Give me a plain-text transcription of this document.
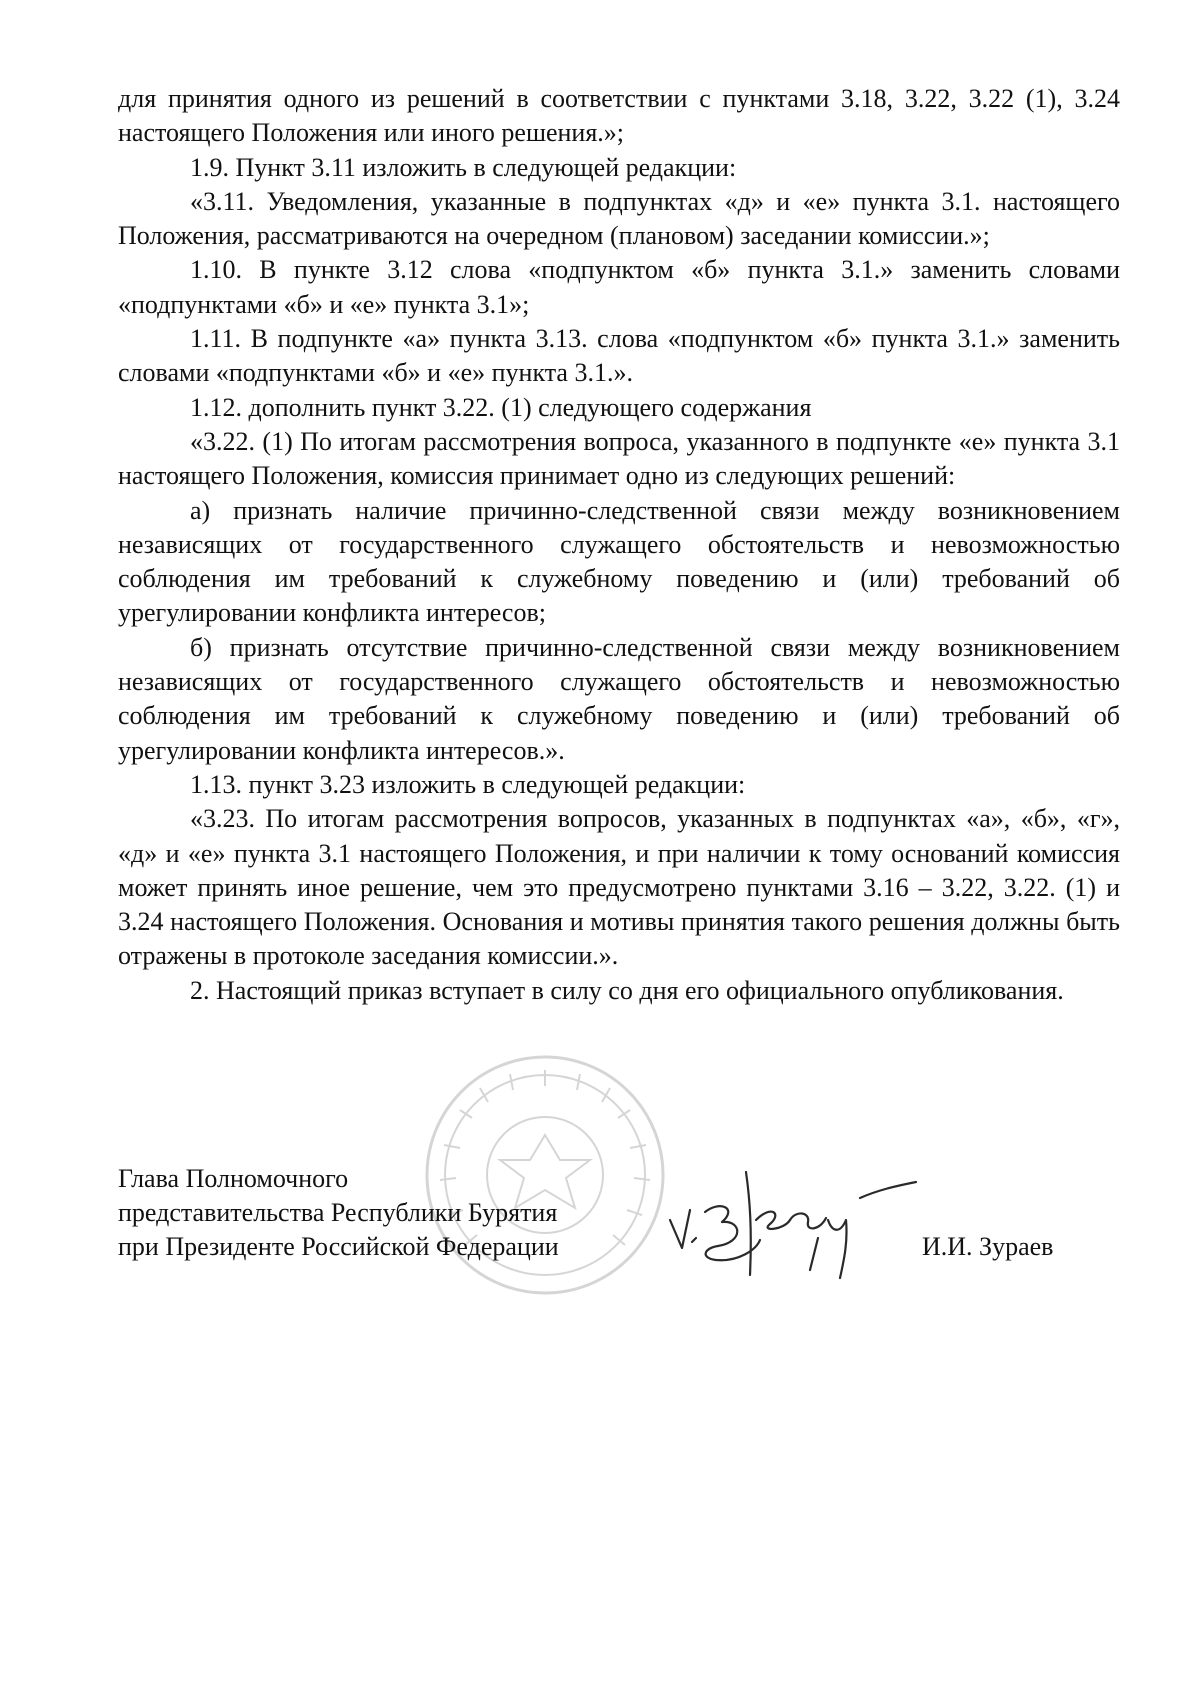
для принятия одного из решений в соответствии с пунктами 3.18, 3.22, 3.22 (1), 3.24 настоящего Положения или иного решения.»;

1.9. Пункт 3.11 изложить в следующей редакции:

«3.11. Уведомления, указанные в подпунктах «д» и «е» пункта 3.1. настоящего Положения, рассматриваются на очередном (плановом) заседании комиссии.»;

1.10. В пункте 3.12 слова «подпунктом «б» пункта 3.1.» заменить словами «подпунктами «б» и «е» пункта 3.1»;

1.11. В подпункте «а» пункта 3.13. слова «подпунктом «б» пункта 3.1.» заменить словами «подпунктами «б» и «е» пункта 3.1.».

1.12. дополнить пункт 3.22. (1) следующего содержания

«3.22. (1) По итогам рассмотрения вопроса, указанного в подпункте «е» пункта 3.1 настоящего Положения, комиссия принимает одно из следующих решений:

а) признать наличие причинно-следственной связи между возникновением независящих от государственного служащего обстоятельств и невозможностью соблюдения им требований к служебному поведению и (или) требований об урегулировании конфликта интересов;

б) признать отсутствие причинно-следственной связи между возникновением независящих от государственного служащего обстоятельств и невозможностью соблюдения им требований к служебному поведению и (или) требований об урегулировании конфликта интересов.».

1.13. пункт 3.23 изложить в следующей редакции:

«3.23. По итогам рассмотрения вопросов, указанных в подпунктах «а», «б», «г», «д» и «е» пункта 3.1 настоящего Положения, и при наличии к тому оснований комиссия может принять иное решение, чем это предусмотрено пунктами 3.16 – 3.22, 3.22. (1) и 3.24 настоящего Положения. Основания и мотивы принятия такого решения должны быть отражены в протоколе заседания комиссии.».

2. Настоящий приказ вступает в силу со дня его официального опубликования.

Глава Полномочного
представительства Республики Бурятия
при Президенте Российской Федерации	И.И. Зураев
